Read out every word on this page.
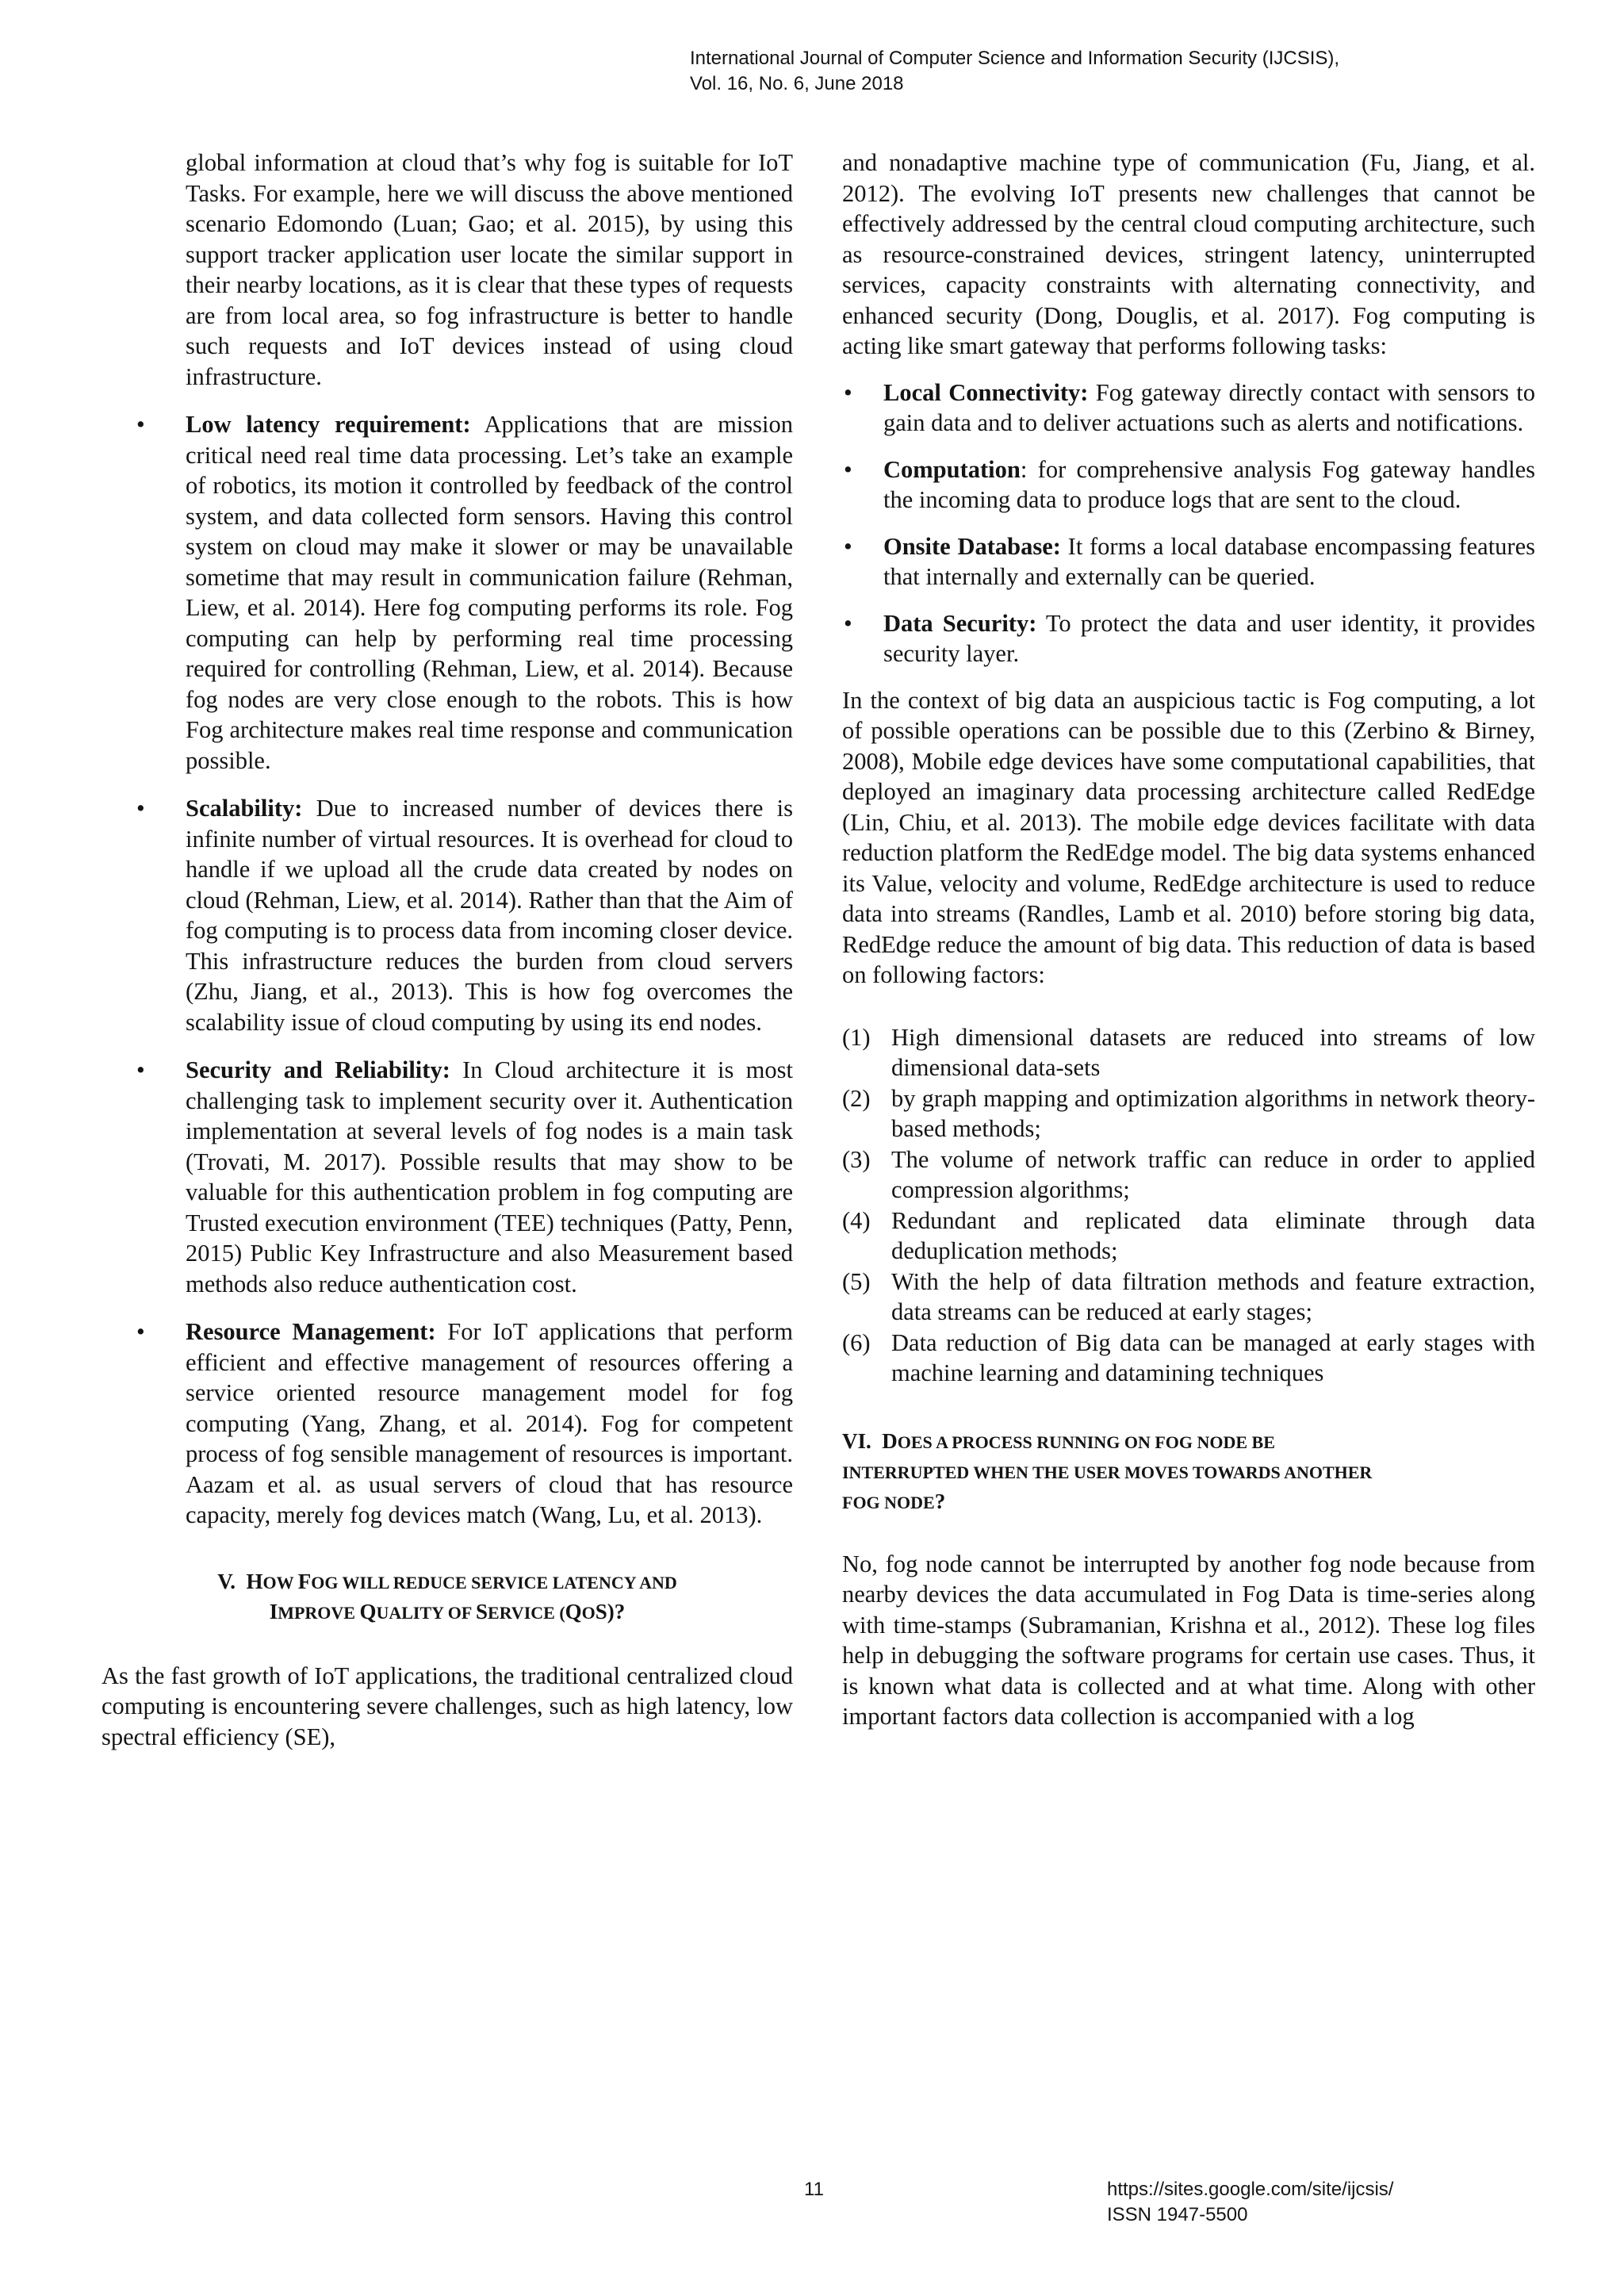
International Journal of Computer Science and Information Security (IJCSIS),
Vol. 16, No. 6, June 2018

global information at cloud that’s why fog is suitable for IoT Tasks. For example, here we will discuss the above mentioned scenario Edomondo (Luan; Gao; et al. 2015), by using this support tracker application user locate the similar support in their nearby locations, as it is clear that these types of requests are from local area, so fog infrastructure is better to handle such requests and IoT devices instead of using cloud infrastructure.

• Low latency requirement: Applications that are mission critical need real time data processing. Let’s take an example of robotics, its motion it controlled by feedback of the control system, and data collected form sensors. Having this control system on cloud may make it slower or may be unavailable sometime that may result in communication failure (Rehman, Liew, et al. 2014). Here fog computing performs its role. Fog computing can help by performing real time processing required for controlling (Rehman, Liew, et al. 2014). Because fog nodes are very close enough to the robots. This is how Fog architecture makes real time response and communication possible.
• Scalability: Due to increased number of devices there is infinite number of virtual resources. It is overhead for cloud to handle if we upload all the crude data created by nodes on cloud (Rehman, Liew, et al. 2014). Rather than that the Aim of fog computing is to process data from incoming closer device. This infrastructure reduces the burden from cloud servers (Zhu, Jiang, et al., 2013). This is how fog overcomes the scalability issue of cloud computing by using its end nodes.
• Security and Reliability: In Cloud architecture it is most challenging task to implement security over it. Authentication implementation at several levels of fog nodes is a main task (Trovati, M. 2017). Possible results that may show to be valuable for this authentication problem in fog computing are Trusted execution environment (TEE) techniques (Patty, Penn, 2015) Public Key Infrastructure and also Measurement based methods also reduce authentication cost.
• Resource Management: For IoT applications that perform efficient and effective management of resources offering a service oriented resource management model for fog computing (Yang, Zhang, et al. 2014). Fog for competent process of fog sensible management of resources is important. Aazam et al. as usual servers of cloud that has resource capacity, merely fog devices match (Wang, Lu, et al. 2013).
V. HOW FOG WILL REDUCE SERVICE LATENCY AND
IMPROVE QUALITY OF SERVICE (QOS)?

As the fast growth of IoT applications, the traditional centralized cloud computing is encountering severe challenges, such as high latency, low spectral efficiency (SE),

and nonadaptive machine type of communication (Fu, Jiang, et al. 2012). The evolving IoT presents new challenges that cannot be effectively addressed by the central cloud computing architecture, such as resource-constrained devices, stringent latency, uninterrupted services, capacity constraints with alternating connectivity, and enhanced security (Dong, Douglis, et al. 2017). Fog computing is acting like smart gateway that performs following tasks:

• Local Connectivity: Fog gateway directly contact with sensors to gain data and to deliver actuations such as alerts and notifications.
• Computation: for comprehensive analysis Fog gateway handles the incoming data to produce logs that are sent to the cloud.
• Onsite Database: It forms a local database encompassing features that internally and externally can be queried.
• Data Security: To protect the data and user identity, it provides security layer.

In the context of big data an auspicious tactic is Fog computing, a lot of possible operations can be possible due to this (Zerbino & Birney, 2008), Mobile edge devices have some computational capabilities, that deployed an imaginary data processing architecture called RedEdge (Lin, Chiu, et al. 2013). The mobile edge devices facilitate with data reduction platform the RedEdge model. The big data systems enhanced its Value, velocity and volume, RedEdge architecture is used to reduce data into streams (Randles, Lamb et al. 2010) before storing big data, RedEdge reduce the amount of big data. This reduction of data is based on following factors:

(1) High dimensional datasets are reduced into streams of low dimensional data-sets
(2) by graph mapping and optimization algorithms in network theory-based methods;
(3) The volume of network traffic can reduce in order to applied compression algorithms;
(4) Redundant and replicated data eliminate through data deduplication methods;
(5) With the help of data filtration methods and feature extraction, data streams can be reduced at early stages;
(6) Data reduction of Big data can be managed at early stages with machine learning and datamining techniques
VI. DOES A PROCESS RUNNING ON FOG NODE BE
INTERRUPTED WHEN THE USER MOVES TOWARDS ANOTHER
FOG NODE?

No, fog node cannot be interrupted by another fog node because from nearby devices the data accumulated in Fog Data is time-series along with time-stamps (Subramanian, Krishna et al., 2012). These log files help in debugging the software programs for certain use cases. Thus, it is known what data is collected and at what time. Along with other important factors data collection is accompanied with a log

11	https://sites.google.com/site/ijcsis/
ISSN 1947-5500
